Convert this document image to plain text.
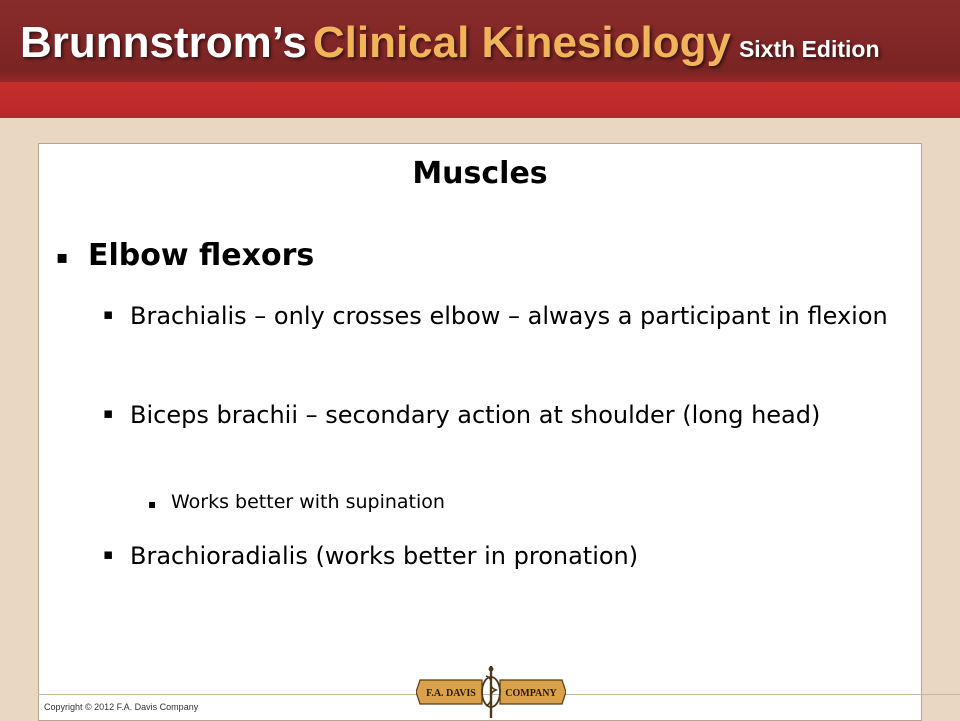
Brunnstrom’s Clinical Kinesiology Sixth Edition
Muscles
▪ Elbow flexors
▪ Brachialis – only crosses elbow – always a participant in flexion
▪ Biceps brachii – secondary action at shoulder (long head)
▪ Works better with supination
▪ Brachioradialis (works better in pronation)
Copyright © 2012 F.A. Davis Company
F.A. DAVIS	COMPANY
